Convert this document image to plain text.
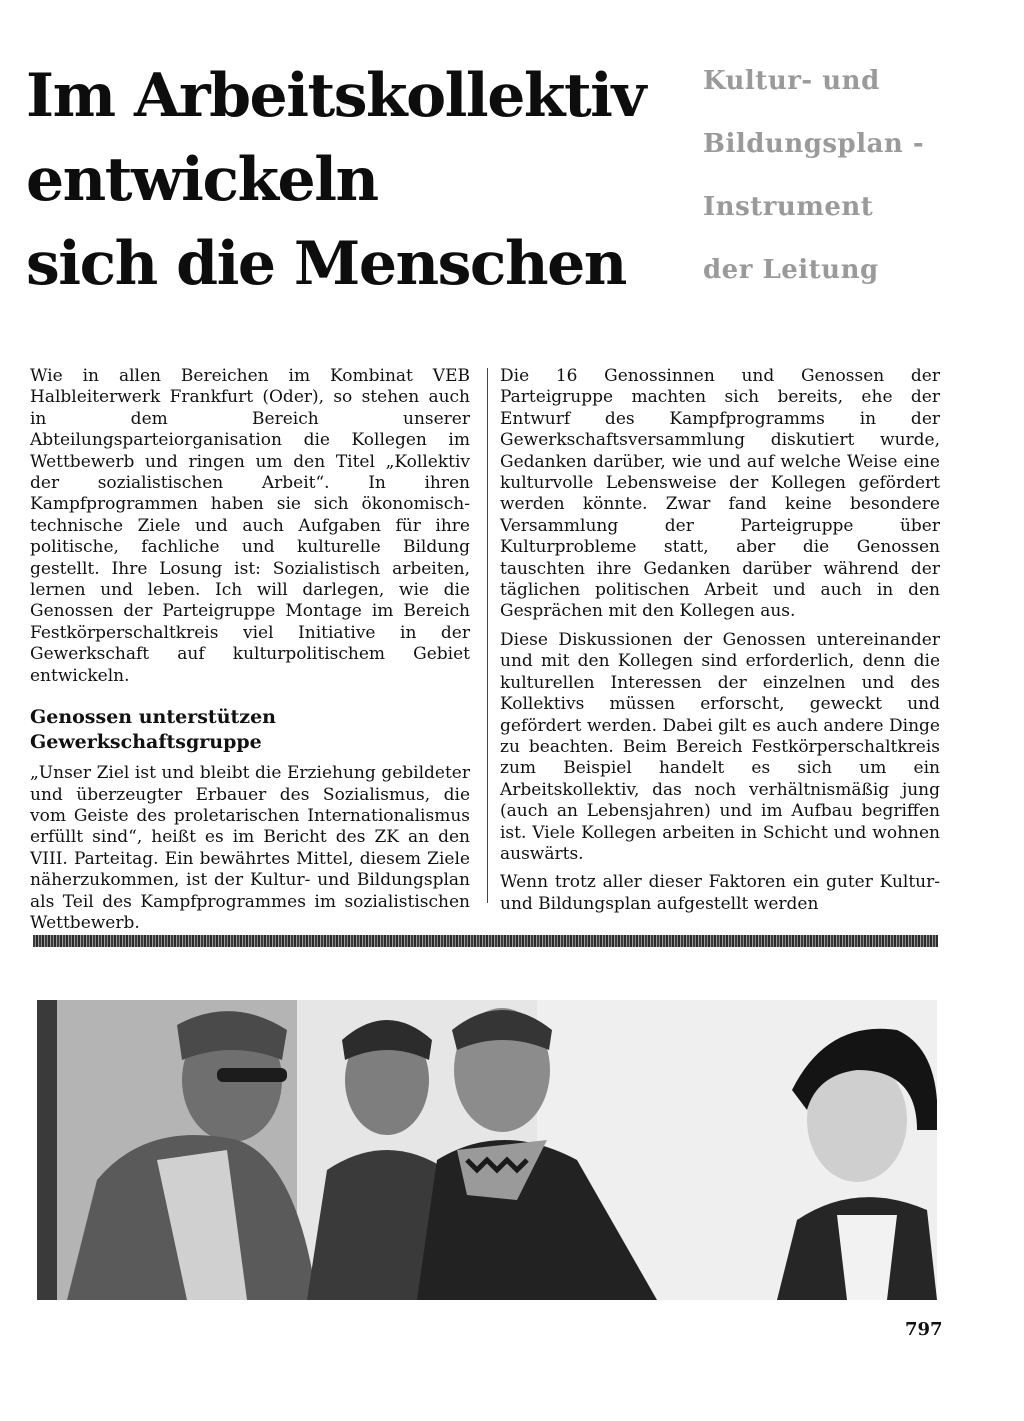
Im Arbeitskollektiv
entwickeln
sich die Menschen
Kultur- und
Bildungsplan -
Instrument
der Leitung

Wie in allen Bereichen im Kombinat VEB Halbleiterwerk Frankfurt (Oder), so stehen auch in dem Bereich unserer Abteilungsparteiorganisation die Kollegen im Wettbewerb und ringen um den Titel „Kollektiv der sozialistischen Arbeit“. In ihren Kampfprogrammen haben sie sich ökonomisch-technische Ziele und auch Aufgaben für ihre politische, fachliche und kulturelle Bildung gestellt. Ihre Losung ist: Sozialistisch arbeiten, lernen und leben. Ich will darlegen, wie die Genossen der Parteigruppe Montage im Bereich Festkörperschaltkreis viel Initiative in der Gewerkschaft auf kulturpolitischem Gebiet entwickeln.

Genossen unterstützen Gewerkschaftsgruppe

„Unser Ziel ist und bleibt die Erziehung gebildeter und überzeugter Erbauer des Sozialismus, die vom Geiste des proletarischen Internationalismus erfüllt sind“, heißt es im Bericht des ZK an den VIII. Parteitag. Ein bewährtes Mittel, diesem Ziele näherzukommen, ist der Kultur- und Bildungsplan als Teil des Kampfprogrammes im sozialistischen Wettbewerb.

Die 16 Genossinnen und Genossen der Parteigruppe machten sich bereits, ehe der Entwurf des Kampfprogramms in der Gewerkschaftsversammlung diskutiert wurde, Gedanken darüber, wie und auf welche Weise eine kulturvolle Lebensweise der Kollegen gefördert werden könnte. Zwar fand keine besondere Versammlung der Parteigruppe über Kulturprobleme statt, aber die Genossen tauschten ihre Gedanken darüber während der täglichen politischen Arbeit und auch in den Gesprächen mit den Kollegen aus.

Diese Diskussionen der Genossen untereinander und mit den Kollegen sind erforderlich, denn die kulturellen Interessen der einzelnen und des Kollektivs müssen erforscht, geweckt und gefördert werden. Dabei gilt es auch andere Dinge zu beachten. Beim Bereich Festkörperschaltkreis zum Beispiel handelt es sich um ein Arbeitskollektiv, das noch verhältnismäßig jung (auch an Lebensjahren) und im Aufbau begriffen ist. Viele Kollegen arbeiten in Schicht und wohnen auswärts.

Wenn trotz aller dieser Faktoren ein guter Kultur- und Bildungsplan aufgestellt werden

797
